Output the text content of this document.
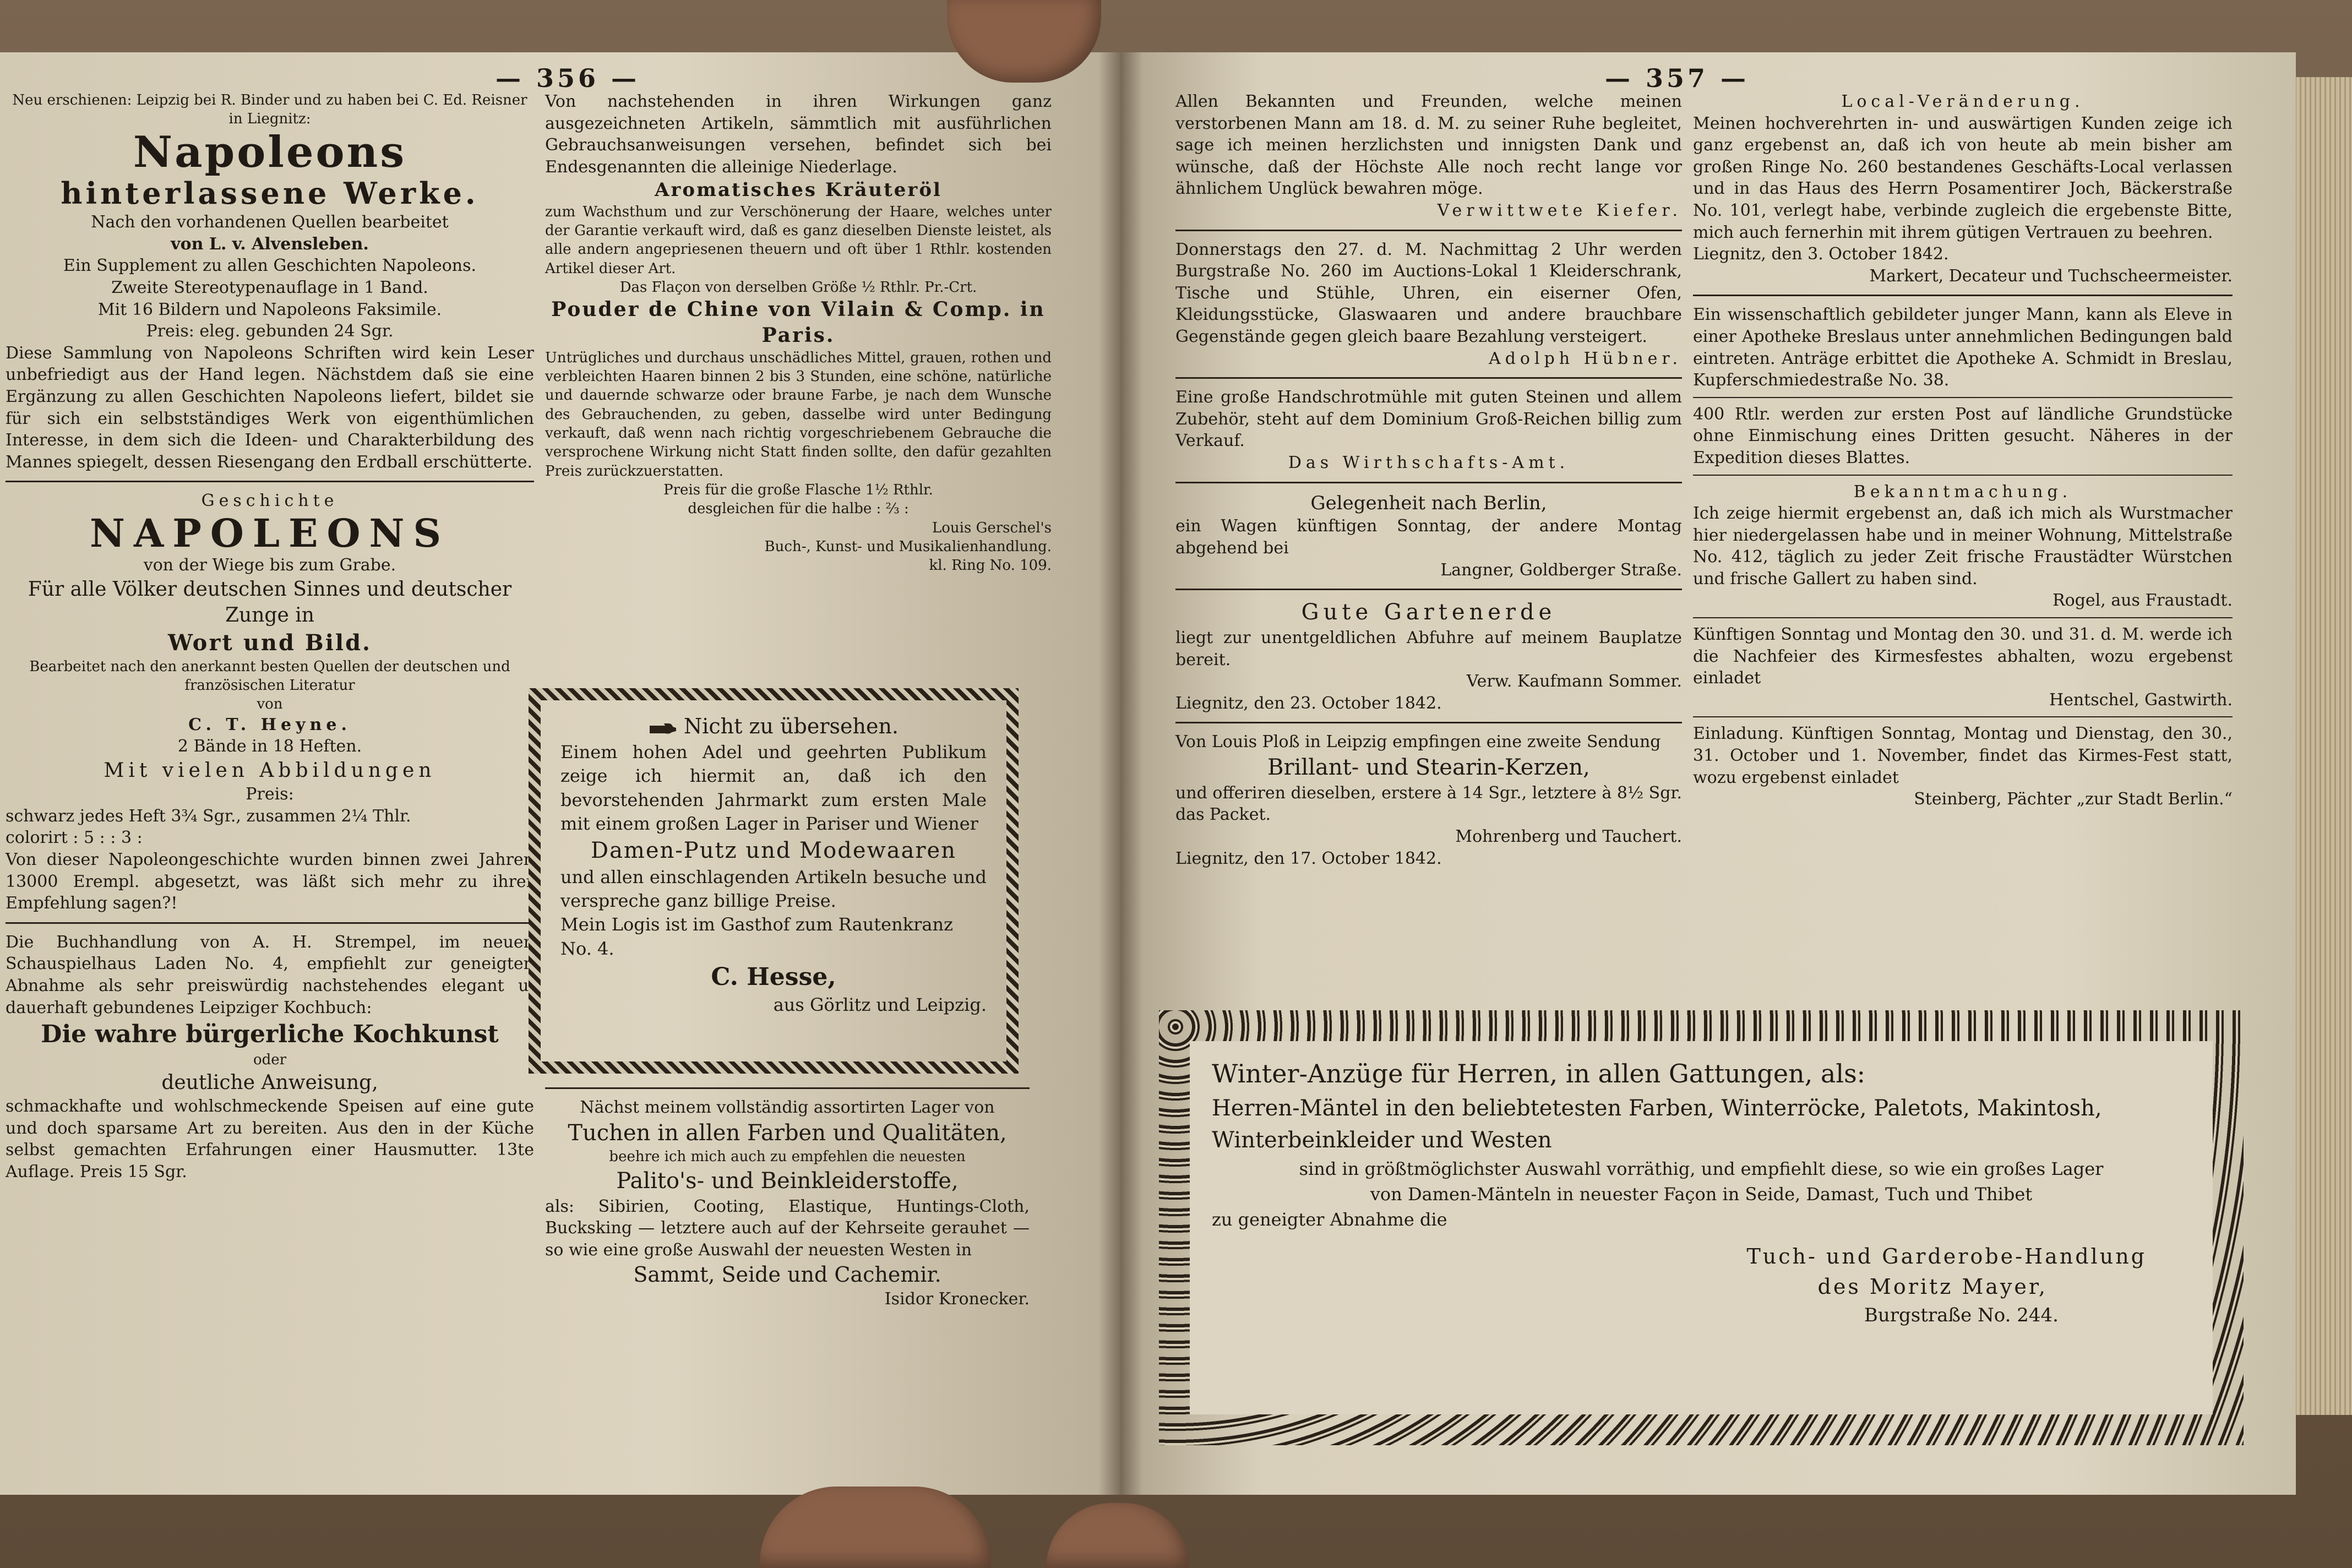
— 356 —

Neu erschienen: Leipzig bei R. Binder und zu haben bei C. Ed. Reisner in Liegnitz:

Napoleons

hinterlassene Werke.

Nach den vorhandenen Quellen bearbeitet

von L. v. Alvensleben.

Ein Supplement zu allen Geschichten Napoleons.

Zweite Stereotypenauflage in 1 Band.

Mit 16 Bildern und Napoleons Faksimile.

Preis: eleg. gebunden 24 Sgr.

Diese Sammlung von Napoleons Schriften wird kein Leser unbefriedigt aus der Hand legen. Nächstdem daß sie eine Ergänzung zu allen Geschichten Napoleons liefert, bildet sie für sich ein selbstständiges Werk von eigenthümlichen Interesse, in dem sich die Ideen- und Charakterbildung des Mannes spiegelt, dessen Riesengang den Erdball erschütterte.

Geschichte

NAPOLEONS

von der Wiege bis zum Grabe.

Für alle Völker deutschen Sinnes und deutscher Zunge in

Wort und Bild.

Bearbeitet nach den anerkannt besten Quellen der deutschen und französischen Literatur

von

C. T. Heyne.

2 Bände in 18 Heften.

Mit vielen Abbildungen

Preis:

schwarz jedes Heft 3¾ Sgr., zusammen 2¼ Thlr.

colorirt : 5 : : 3 :

Von dieser Napoleongeschichte wurden binnen zwei Jahren 13000 Erempl. abgesetzt, was läßt sich mehr zu ihrer Empfehlung sagen?!

Die Buchhandlung von A. H. Strempel, im neuen Schauspielhaus Laden No. 4, empfiehlt zur geneigten Abnahme als sehr preiswürdig nachstehendes elegant u. dauerhaft gebundenes Leipziger Kochbuch:

Die wahre bürgerliche Kochkunst

oder

deutliche Anweisung,

schmackhafte und wohlschmeckende Speisen auf eine gute und doch sparsame Art zu bereiten. Aus den in der Küche selbst gemachten Erfahrungen einer Hausmutter. 13te Auflage. Preis 15 Sgr.

Von nachstehenden in ihren Wirkungen ganz ausgezeichneten Artikeln, sämmtlich mit ausführlichen Gebrauchsanweisungen versehen, befindet sich bei Endesgenannten die alleinige Niederlage.

Aromatisches Kräuteröl

zum Wachsthum und zur Verschönerung der Haare, welches unter der Garantie verkauft wird, daß es ganz dieselben Dienste leistet, als alle andern angepriesenen theuern und oft über 1 Rthlr. kostenden Artikel dieser Art.

Das Flaçon von derselben Größe ½ Rthlr. Pr.-Crt.

Pouder de Chine von Vilain & Comp. in Paris.

Untrügliches und durchaus unschädliches Mittel, grauen, rothen und verbleichten Haaren binnen 2 bis 3 Stunden, eine schöne, natürliche und dauernde schwarze oder braune Farbe, je nach dem Wunsche des Gebrauchenden, zu geben, dasselbe wird unter Bedingung verkauft, daß wenn nach richtig vorgeschriebenem Gebrauche die versprochene Wirkung nicht Statt finden sollte, den dafür gezahlten Preis zurückzuerstatten.

Preis für die große Flasche 1½ Rthlr.

desgleichen für die halbe : ⅔ :

Louis Gerschel's

Buch-, Kunst- und Musikalienhandlung.

kl. Ring No. 109.

Nicht zu übersehen.

Einem hohen Adel und geehrten Publikum zeige ich hiermit an, daß ich den bevorstehenden Jahrmarkt zum ersten Male mit einem großen Lager in Pariser und Wiener

Damen-Putz und Modewaaren

und allen einschlagenden Artikeln besuche und verspreche ganz billige Preise.

Mein Logis ist im Gasthof zum Rautenkranz No. 4.

C. Hesse,

aus Görlitz und Leipzig.

Nächst meinem vollständig assortirten Lager von

Tuchen in allen Farben und Qualitäten,

beehre ich mich auch zu empfehlen die neuesten

Palito's- und Beinkleiderstoffe,

als: Sibirien, Cooting, Elastique, Huntings-Cloth, Bucksking — letztere auch auf der Kehrseite gerauhet — so wie eine große Auswahl der neuesten Westen in

Sammt, Seide und Cachemir.

Isidor Kronecker.

— 357 —

Allen Bekannten und Freunden, welche meinen verstorbenen Mann am 18. d. M. zu seiner Ruhe begleitet, sage ich meinen herzlichsten und innigsten Dank und wünsche, daß der Höchste Alle noch recht lange vor ähnlichem Unglück bewahren möge.

Verwittwete Kiefer.

Donnerstags den 27. d. M. Nachmittag 2 Uhr werden Burgstraße No. 260 im Auctions-Lokal 1 Kleiderschrank, Tische und Stühle, Uhren, ein eiserner Ofen, Kleidungsstücke, Glaswaaren und andere brauchbare Gegenstände gegen gleich baare Bezahlung versteigert.

Adolph Hübner.

Eine große Handschrotmühle mit guten Steinen und allem Zubehör, steht auf dem Dominium Groß-Reichen billig zum Verkauf.

Das Wirthschafts-Amt.

Gelegenheit nach Berlin,

ein Wagen künftigen Sonntag, der andere Montag abgehend bei

Langner, Goldberger Straße.

Gute Gartenerde

liegt zur unentgeldlichen Abfuhre auf meinem Bauplatze bereit.

Verw. Kaufmann Sommer.

Liegnitz, den 23. October 1842.

Von Louis Ploß in Leipzig empfingen eine zweite Sendung

Brillant- und Stearin-Kerzen,

und offeriren dieselben, erstere à 14 Sgr., letztere à 8½ Sgr. das Packet.

Mohrenberg und Tauchert.

Liegnitz, den 17. October 1842.

Local-Veränderung.

Meinen hochverehrten in- und auswärtigen Kunden zeige ich ganz ergebenst an, daß ich von heute ab mein bisher am großen Ringe No. 260 bestandenes Geschäfts-Local verlassen und in das Haus des Herrn Posamentirer Joch, Bäckerstraße No. 101, verlegt habe, verbinde zugleich die ergebenste Bitte, mich auch fernerhin mit ihrem gütigen Vertrauen zu beehren.

Liegnitz, den 3. October 1842.

Markert, Decateur und Tuchscheermeister.

Ein wissenschaftlich gebildeter junger Mann, kann als Eleve in einer Apotheke Breslaus unter annehmlichen Bedingungen bald eintreten. Anträge erbittet die Apotheke A. Schmidt in Breslau, Kupferschmiedestraße No. 38.

400 Rtlr. werden zur ersten Post auf ländliche Grundstücke ohne Einmischung eines Dritten gesucht. Näheres in der Expedition dieses Blattes.

Bekanntmachung.

Ich zeige hiermit ergebenst an, daß ich mich als Wurstmacher hier niedergelassen habe und in meiner Wohnung, Mittelstraße No. 412, täglich zu jeder Zeit frische Fraustädter Würstchen und frische Gallert zu haben sind.

Rogel, aus Fraustadt.

Künftigen Sonntag und Montag den 30. und 31. d. M. werde ich die Nachfeier des Kirmesfestes abhalten, wozu ergebenst einladet

Hentschel, Gastwirth.

Einladung. Künftigen Sonntag, Montag und Dienstag, den 30., 31. October und 1. November, findet das Kirmes-Fest statt, wozu ergebenst einladet

Steinberg, Pächter „zur Stadt Berlin.“

Winter-Anzüge für Herren, in allen Gattungen, als:

Herren-Mäntel in den beliebtetesten Farben, Winterröcke, Paletots, Makintosh, Winterbeinkleider und Westen

sind in größtmöglichster Auswahl vorräthig, und empfiehlt diese, so wie ein großes Lager

von Damen-Mänteln in neuester Façon in Seide, Damast, Tuch und Thibet

zu geneigter Abnahme die

Tuch- und Garderobe-Handlung

des Moritz Mayer,

Burgstraße No. 244.
